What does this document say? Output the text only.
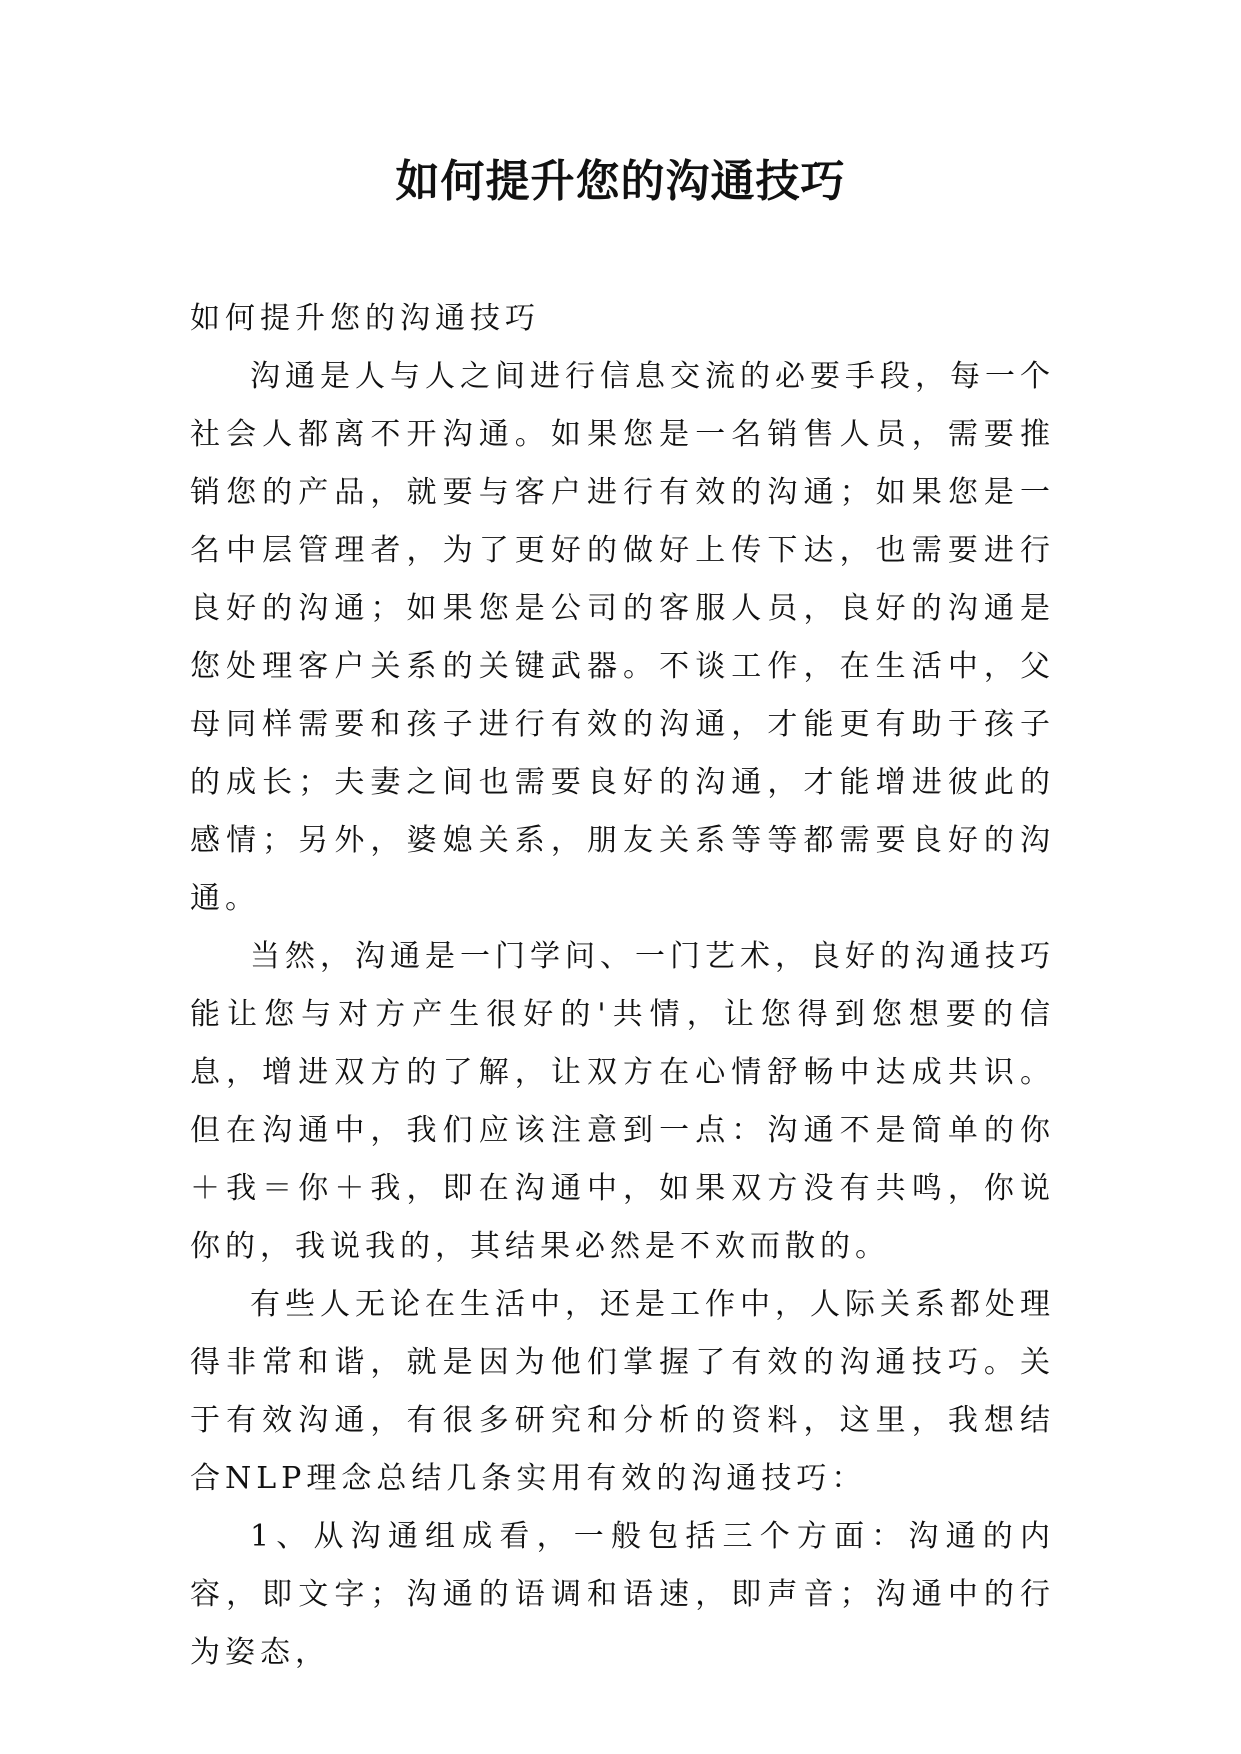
如何提升您的沟通技巧

如何提升您的沟通技巧

沟通是人与人之间进行信息交流的必要手段，每一个社会人都离不开沟通。如果您是一名销售人员，需要推销您的产品，就要与客户进行有效的沟通；如果您是一名中层管理者，为了更好的做好上传下达，也需要进行良好的沟通；如果您是公司的客服人员，良好的沟通是您处理客户关系的关键武器。不谈工作，在生活中，父母同样需要和孩子进行有效的沟通，才能更有助于孩子的成长；夫妻之间也需要良好的沟通，才能增进彼此的感情；另外，婆媳关系，朋友关系等等都需要良好的沟通。

当然，沟通是一门学问、一门艺术，良好的沟通技巧能让您与对方产生很好的'共情，让您得到您想要的信息，增进双方的了解，让双方在心情舒畅中达成共识。但在沟通中，我们应该注意到一点：沟通不是简单的你＋我＝你＋我，即在沟通中，如果双方没有共鸣，你说你的，我说我的，其结果必然是不欢而散的。

有些人无论在生活中，还是工作中，人际关系都处理得非常和谐，就是因为他们掌握了有效的沟通技巧。关于有效沟通，有很多研究和分析的资料，这里，我想结合NLP理念总结几条实用有效的沟通技巧：

1、从沟通组成看，一般包括三个方面：沟通的内容，即文字；沟通的语调和语速，即声音；沟通中的行为姿态，
